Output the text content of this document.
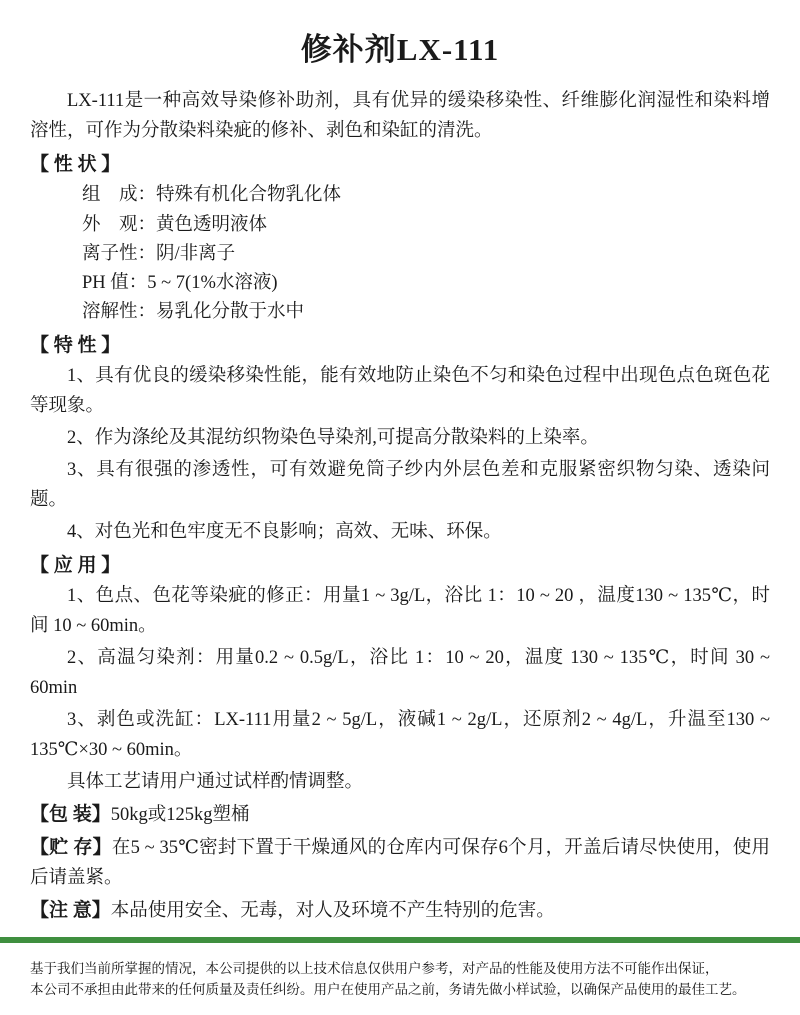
修补剂LX-111

LX-111是一种高效导染修补助剂，具有优异的缓染移染性、纤维膨化润湿性和染料增溶性，可作为分散染料染疵的修补、剥色和染缸的清洗。

【 性 状 】
组　成：特殊有机化合物乳化体
外　观：黄色透明液体
离子性：阴/非离子
PH 值：5 ~ 7(1%水溶液)
溶解性：易乳化分散于水中
【 特 性 】

1、具有优良的缓染移染性能，能有效地防止染色不匀和染色过程中出现色点色斑色花等现象。

2、作为涤纶及其混纺织物染色导染剂,可提高分散染料的上染率。

3、具有很强的渗透性，可有效避免筒子纱内外层色差和克服紧密织物匀染、透染问题。

4、对色光和色牢度无不良影响；高效、无味、环保。

【 应 用 】

1、色点、色花等染疵的修正：用量1 ~ 3g/L，浴比 1：10 ~ 20 ，温度130 ~ 135℃，时间 10 ~ 60min。

2、高温匀染剂：用量0.2 ~ 0.5g/L，浴比 1：10 ~ 20，温度 130 ~ 135℃，时间 30 ~ 60min

3、剥色或洗缸：LX-111用量2 ~ 5g/L，液碱1 ~ 2g/L，还原剂2 ~ 4g/L，升温至130 ~ 135℃×30 ~ 60min。

具体工艺请用户通过试样酌情调整。

【包 装】50kg或125kg塑桶
【贮 存】在5 ~ 35℃密封下置于干燥通风的仓库内可保存6个月，开盖后请尽快使用，使用后请盖紧。
【注 意】本品使用安全、无毒，对人及环境不产生特别的危害。
基于我们当前所掌握的情况，本公司提供的以上技术信息仅供用户参考，对产品的性能及使用方法不可能作出保证，
本公司不承担由此带来的任何质量及责任纠纷。用户在使用产品之前，务请先做小样试验，以确保产品使用的最佳工艺。
